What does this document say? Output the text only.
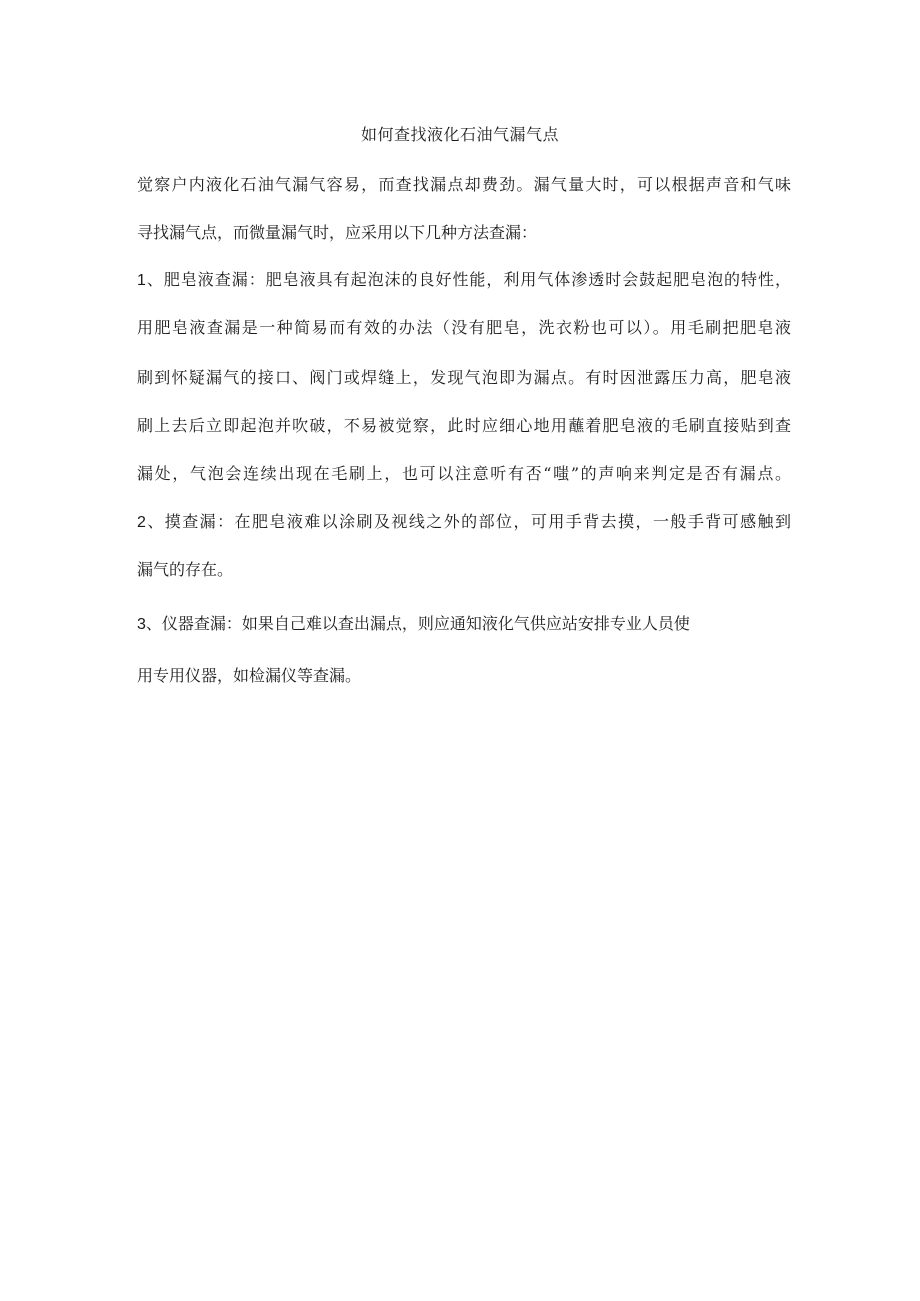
如何查找液化石油气漏气点
觉察户内液化石油气漏气容易，而查找漏点却费劲。漏气量大时，可以根据声音和气味
寻找漏气点，而微量漏气时，应采用以下几种方法查漏：
1、肥皂液查漏：肥皂液具有起泡沫的良好性能，利用气体渗透时会鼓起肥皂泡的特性，
用肥皂液查漏是一种简易而有效的办法（没有肥皂，洗衣粉也可以）。用毛刷把肥皂液
刷到怀疑漏气的接口、阀门或焊缝上，发现气泡即为漏点。有时因泄露压力高，肥皂液
刷上去后立即起泡并吹破，不易被觉察，此时应细心地用蘸着肥皂液的毛刷直接贴到查
漏处，气泡会连续出现在毛刷上，也可以注意听有否“嗤”的声响来判定是否有漏点。
2、摸查漏：在肥皂液难以涂刷及视线之外的部位，可用手背去摸，一般手背可感触到
漏气的存在。
3、仪器查漏：如果自己难以查出漏点，则应通知液化气供应站安排专业人员使
用专用仪器，如检漏仪等查漏。
